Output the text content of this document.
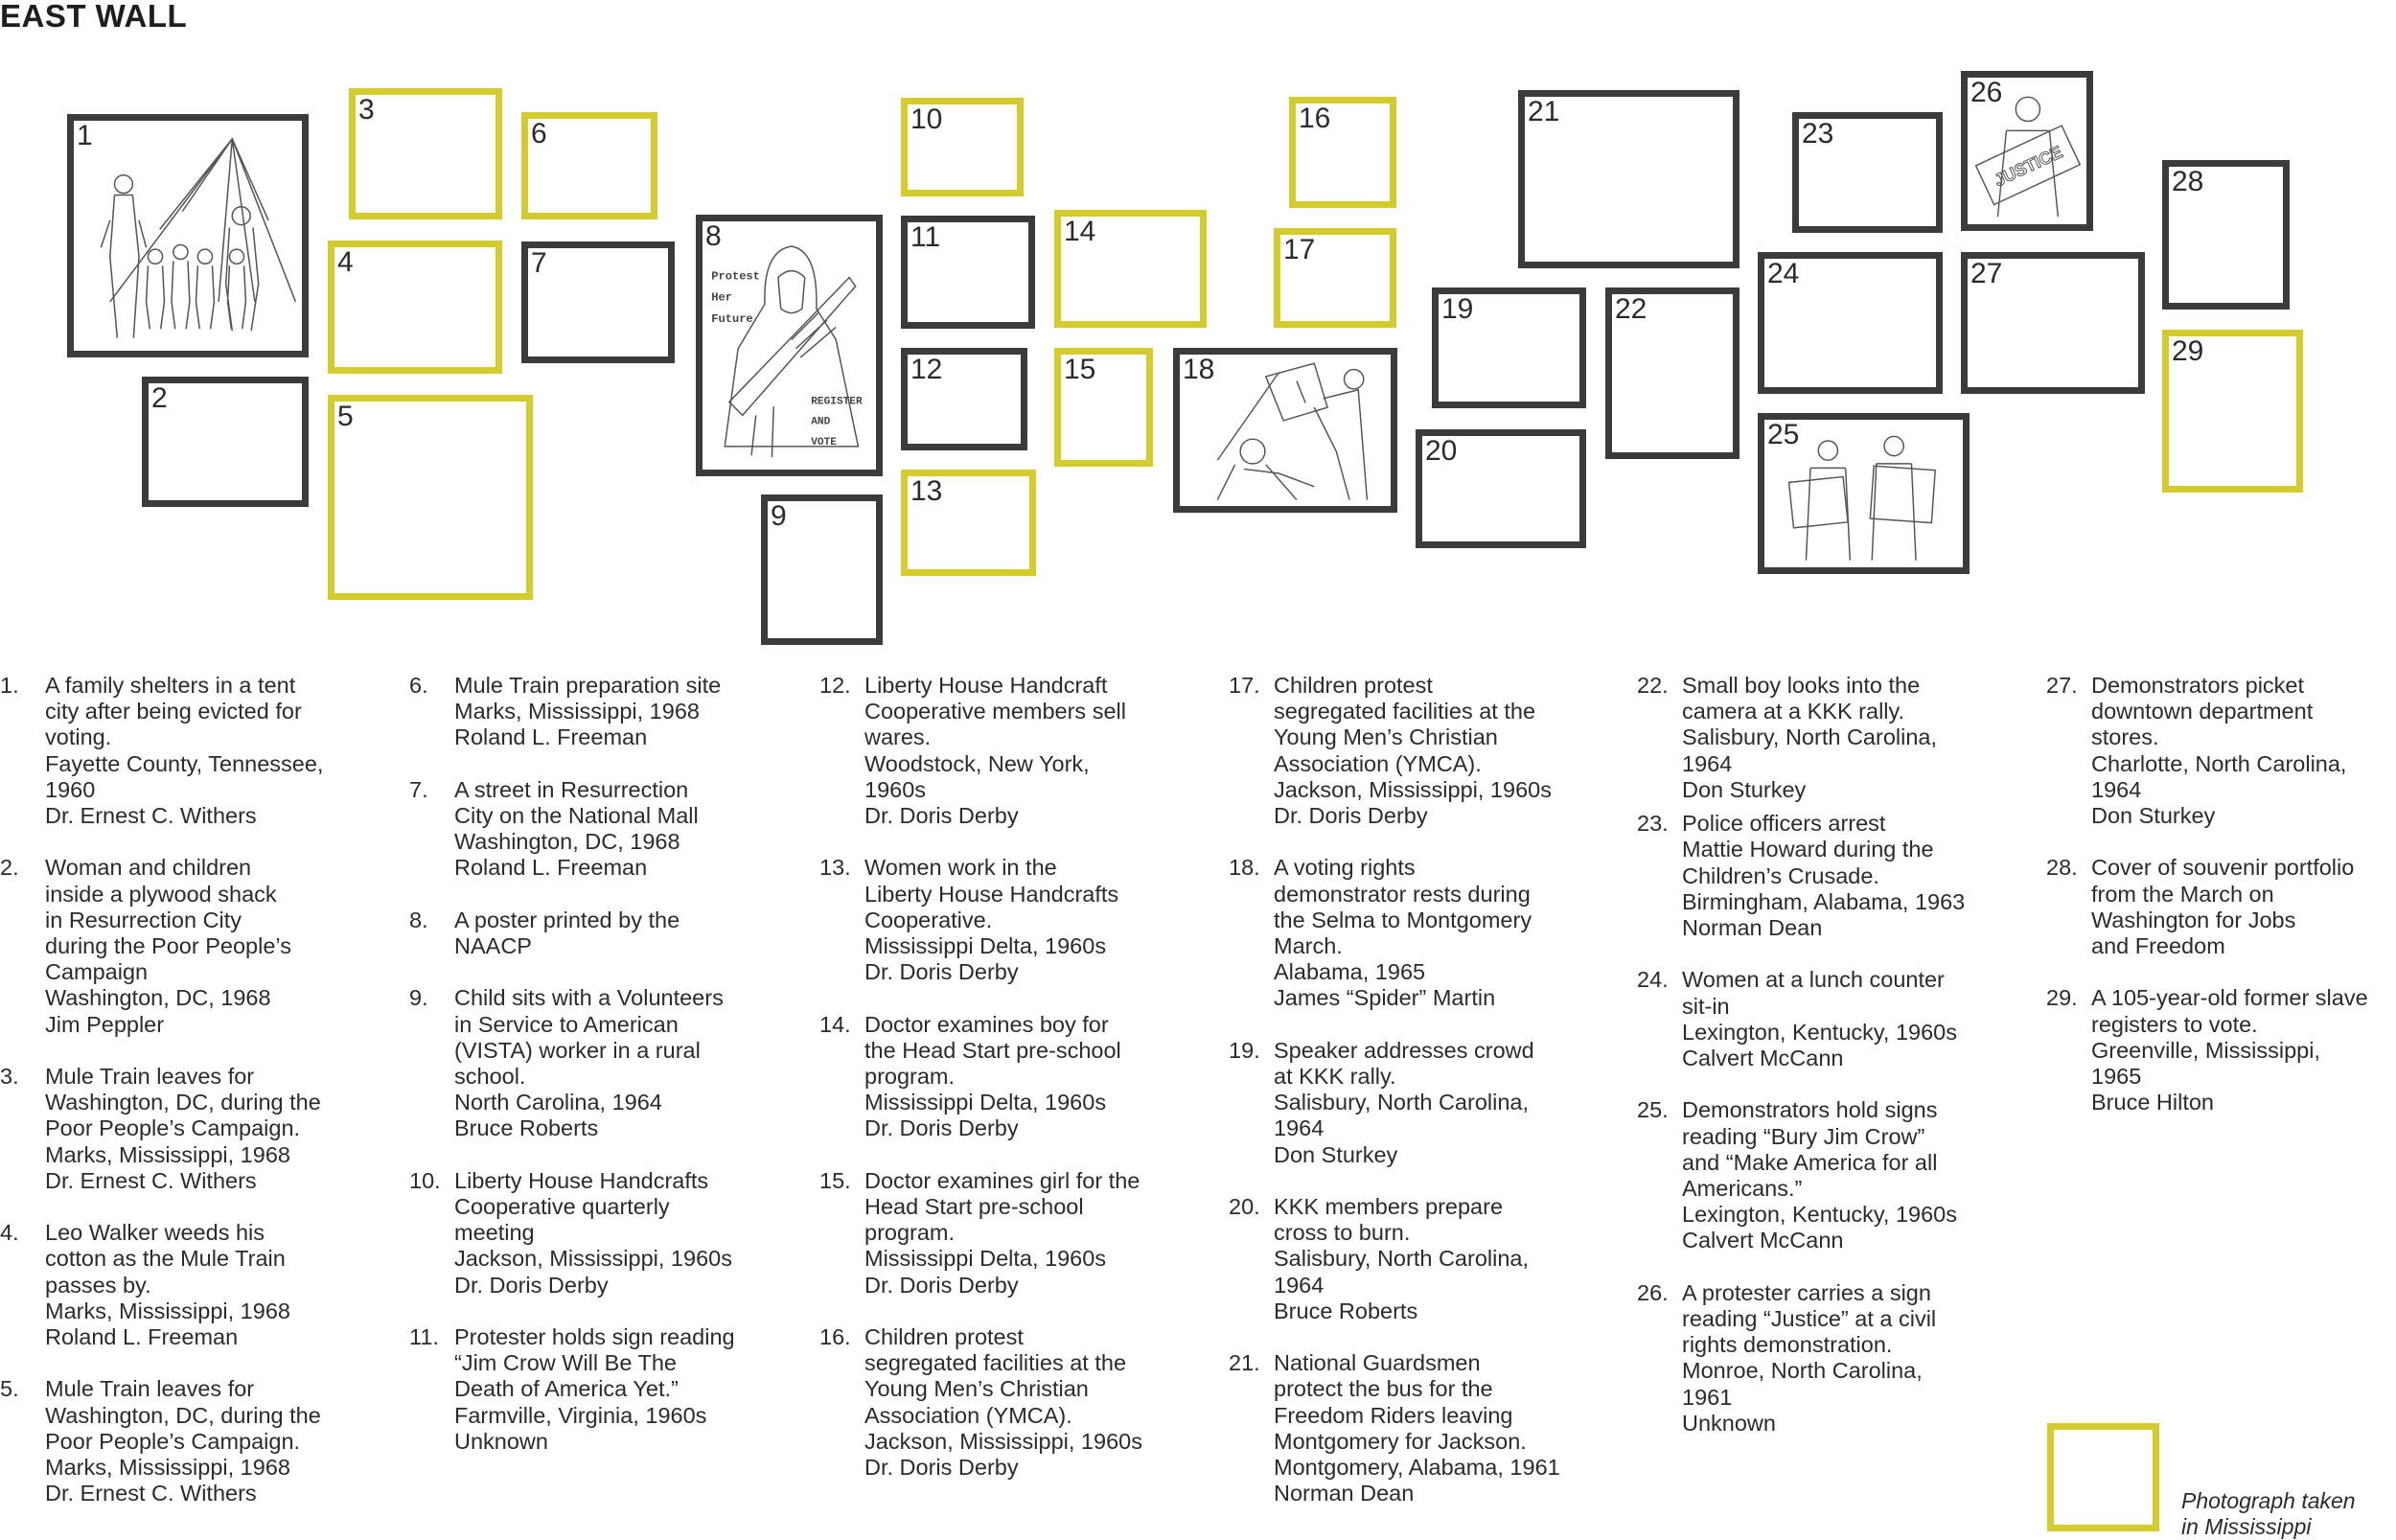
EAST WALL
1
2
3
4
5
6
7	Protest
Her
Future
REGISTER
AND
VOTE
8
9
10
11
12
13
14
15
16
17
18
19
20
21
22
23
24
25
JUSTICE
26
27
28
29
1. A family shelters in a tent
city after being evicted for
voting.
Fayette County, Tennessee,
1960
Dr. Ernest C. Withers
2. Woman and children
inside a plywood shack
in Resurrection City
during the Poor People’s
Campaign
Washington, DC, 1968
Jim Peppler
3. Mule Train leaves for
Washington, DC, during the
Poor People’s Campaign.
Marks, Mississippi, 1968
Dr. Ernest C. Withers
4. Leo Walker weeds his
cotton as the Mule Train
passes by.
Marks, Mississippi, 1968
Roland L. Freeman
5. Mule Train leaves for
Washington, DC, during the
Poor People’s Campaign.
Marks, Mississippi, 1968
Dr. Ernest C. Withers
6. Mule Train preparation site
Marks, Mississippi, 1968
Roland L. Freeman
7. A street in Resurrection
City on the National Mall
Washington, DC, 1968
Roland L. Freeman
8. A poster printed by the
NAACP
9. Child sits with a Volunteers
in Service to American
(VISTA) worker in a rural
school.
North Carolina, 1964
Bruce Roberts
10. Liberty House Handcrafts
Cooperative quarterly
meeting
Jackson, Mississippi, 1960s
Dr. Doris Derby
11. Protester holds sign reading
“Jim Crow Will Be The
Death of America Yet.”
Farmville, Virginia, 1960s
Unknown
12. Liberty House Handcraft
Cooperative members sell
wares.
Woodstock, New York,
1960s
Dr. Doris Derby
13. Women work in the
Liberty House Handcrafts
Cooperative.
Mississippi Delta, 1960s
Dr. Doris Derby
14. Doctor examines boy for
the Head Start pre-school
program.
Mississippi Delta, 1960s
Dr. Doris Derby
15. Doctor examines girl for the
Head Start pre-school
program.
Mississippi Delta, 1960s
Dr. Doris Derby
16. Children protest
segregated facilities at the
Young Men’s Christian
Association (YMCA).
Jackson, Mississippi, 1960s
Dr. Doris Derby
17. Children protest
segregated facilities at the
Young Men’s Christian
Association (YMCA).
Jackson, Mississippi, 1960s
Dr. Doris Derby
18. A voting rights
demonstrator rests during
the Selma to Montgomery
March.
Alabama, 1965
James “Spider” Martin
19. Speaker addresses crowd
at KKK rally.
Salisbury, North Carolina,
1964
Don Sturkey
20. KKK members prepare
cross to burn.
Salisbury, North Carolina,
1964
Bruce Roberts
21. National Guardsmen
protect the bus for the
Freedom Riders leaving
Montgomery for Jackson.
Montgomery, Alabama, 1961
Norman Dean
22. Small boy looks into the
camera at a KKK rally.
Salisbury, North Carolina,
1964
Don Sturkey
23. Police officers arrest
Mattie Howard during the
Children’s Crusade.
Birmingham, Alabama, 1963
Norman Dean
24. Women at a lunch counter
sit-in
Lexington, Kentucky, 1960s
Calvert McCann
25. Demonstrators hold signs
reading “Bury Jim Crow”
and “Make America for all
Americans.”
Lexington, Kentucky, 1960s
Calvert McCann
26. A protester carries a sign
reading “Justice” at a civil
rights demonstration.
Monroe, North Carolina,
1961
Unknown
27. Demonstrators picket
downtown department
stores.
Charlotte, North Carolina,
1964
Don Sturkey
28. Cover of souvenir portfolio
from the March on
Washington for Jobs
and Freedom
29. A 105-year-old former slave
registers to vote.
Greenville, Mississippi,
1965
Bruce Hilton
Photograph taken
in Mississippi
